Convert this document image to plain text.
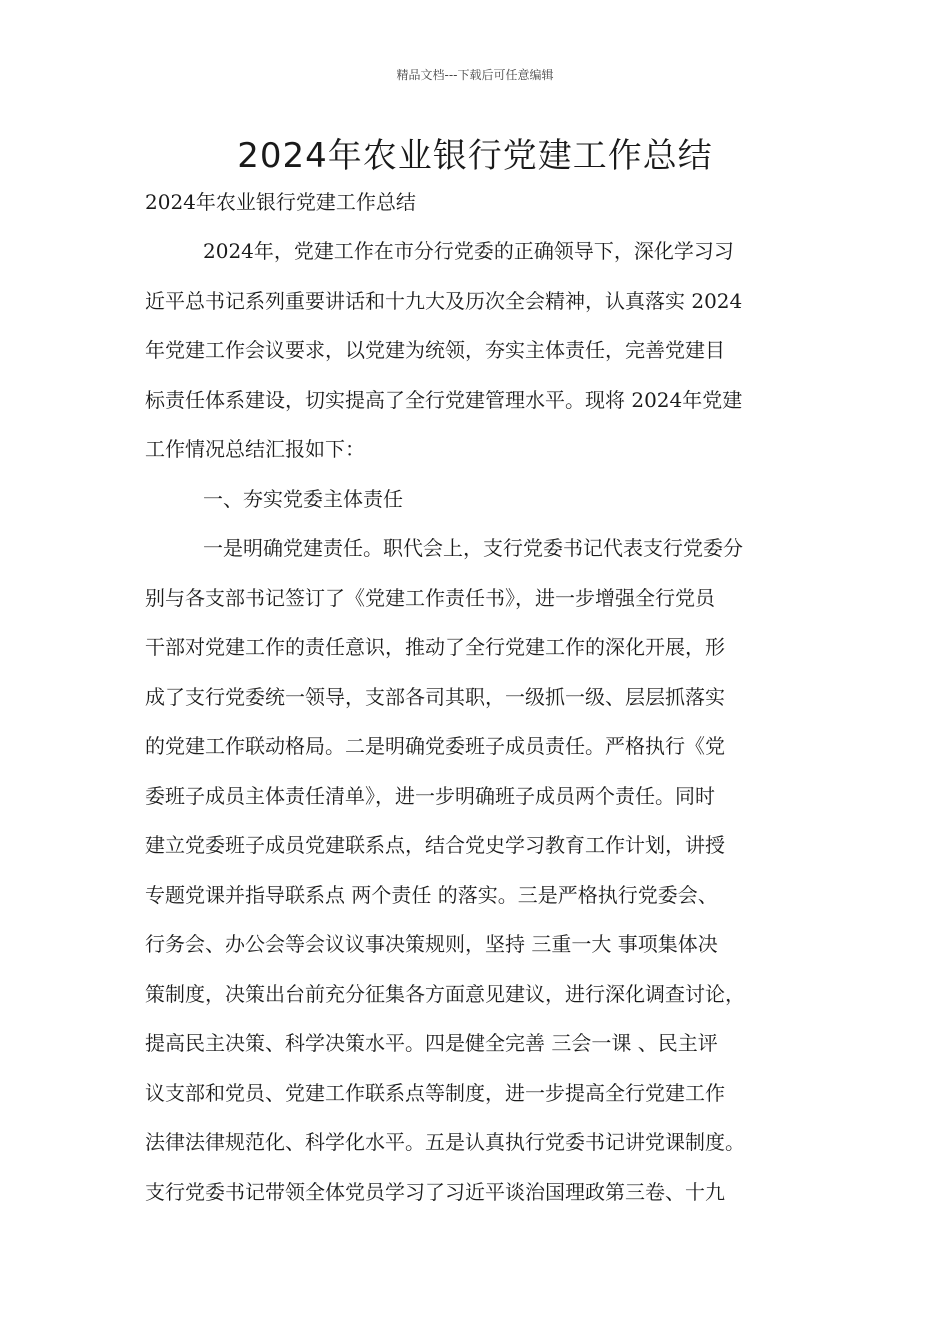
精品文档---下载后可任意编辑
2024年农业银行党建工作总结

2024年农业银行党建工作总结

2024年，党建工作在市分行党委的正确领导下，深化学习习
近平总书记系列重要讲话和十九大及历次全会精神，认真落实 2024
年党建工作会议要求，以党建为统领，夯实主体责任，完善党建目
标责任体系建设，切实提高了全行党建管理水平。现将 2024年党建
工作情况总结汇报如下：
一、夯实党委主体责任
一是明确党建责任。职代会上，支行党委书记代表支行党委分
别与各支部书记签订了《党建工作责任书》，进一步增强全行党员
干部对党建工作的责任意识，推动了全行党建工作的深化开展，形
成了支行党委统一领导，支部各司其职，一级抓一级、层层抓落实
的党建工作联动格局。二是明确党委班子成员责任。严格执行《党
委班子成员主体责任清单》，进一步明确班子成员两个责任。同时
建立党委班子成员党建联系点，结合党史学习教育工作计划，讲授
专题党课并指导联系点 两个责任 的落实。三是严格执行党委会、
行务会、办公会等会议议事决策规则，坚持 三重一大 事项集体决
策制度，决策出台前充分征集各方面意见建议，进行深化调查讨论，
提高民主决策、科学决策水平。四是健全完善 三会一课 、民主评
议支部和党员、党建工作联系点等制度，进一步提高全行党建工作
法律法律规范化、科学化水平。五是认真执行党委书记讲党课制度。
支行党委书记带领全体党员学习了习近平谈治国理政第三卷、十九
